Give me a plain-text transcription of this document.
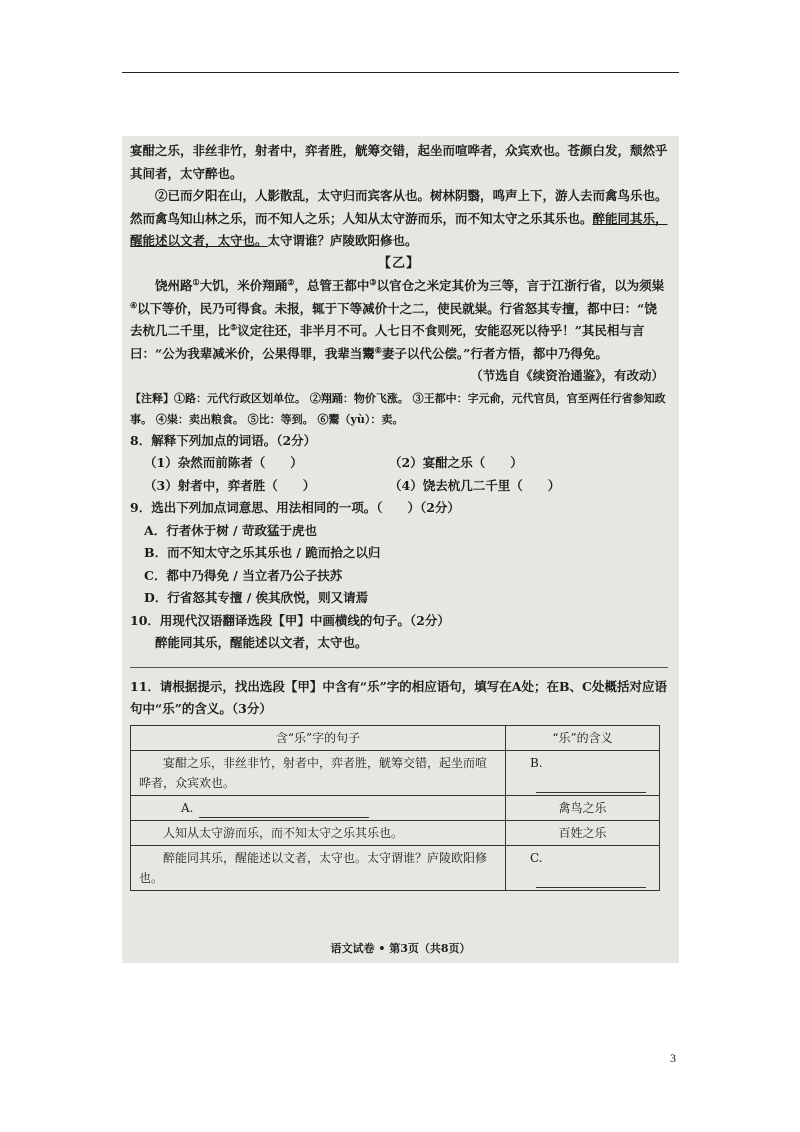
宴酣之乐，非丝非竹，射者中，弈者胜，觥筹交错，起坐而喧哗者，众宾欢也。苍颜白发，颓然乎其间者，太守醉也。

②已而夕阳在山，人影散乱，太守归而宾客从也。树林阴翳，鸣声上下，游人去而禽鸟乐也。然而禽鸟知山林之乐，而不知人之乐；人知从太守游而乐，而不知太守之乐其乐也。醉能同其乐，醒能述以文者，太守也。太守谓谁？庐陵欧阳修也。

【乙】

饶州路①大饥，米价翔踊②，总管王都中③以官仓之米定其价为三等，言于江浙行省，以为须粜④以下等价，民乃可得食。未报，辄于下等减价十之二，使民就粜。行省怒其专擅，都中曰：“饶去杭几二千里，比⑤议定往还，非半月不可。人七日不食则死，安能忍死以待乎！”其民相与言曰：“公为我辈减米价，公果得罪，我辈当鬻⑥妻子以代公偿。”行者方悟，都中乃得免。

（节选自《续资治通鉴》，有改动）

【注释】①路：元代行政区划单位。 ②翔踊：物价飞涨。 ③王都中：字元俞，元代官员，官至两任行省参知政事。 ④粜：卖出粮食。 ⑤比：等到。 ⑥鬻（yù）：卖。

8．解释下列加点的词语。（2分）

（1）杂然而前陈者（　　）	（2）宴酣之乐（　　）
（3）射者中，弈者胜（　　）	（4）饶去杭几二千里（　　）

9．选出下列加点词意思、用法相同的一项。（　　）（2分）

A．行者休于树 / 苛政猛于虎也

B．而不知太守之乐其乐也 / 跪而拾之以归

C．都中乃得免 / 当立者乃公子扶苏

D．行省怒其专擅 / 俟其欣悦，则又请焉

10．用现代汉语翻译选段【甲】中画横线的句子。（2分）

醉能同其乐，醒能述以文者，太守也。

11．请根据提示，找出选段【甲】中含有“乐”字的相应语句，填写在A处；在B、C处概括对应语句中“乐”的含义。（3分）

含“乐”字的句子	“乐”的含义
宴酣之乐，非丝非竹，射者中，弈者胜，觥筹交错，起坐而喧哗者，众宾欢也。	B.
A.	禽鸟之乐
人知从太守游而乐，而不知太守之乐其乐也。	百姓之乐
醉能同其乐，醒能述以文者，太守也。太守谓谁？庐陵欧阳修也。	C.
语文试卷 • 第3页（共8页）
3
